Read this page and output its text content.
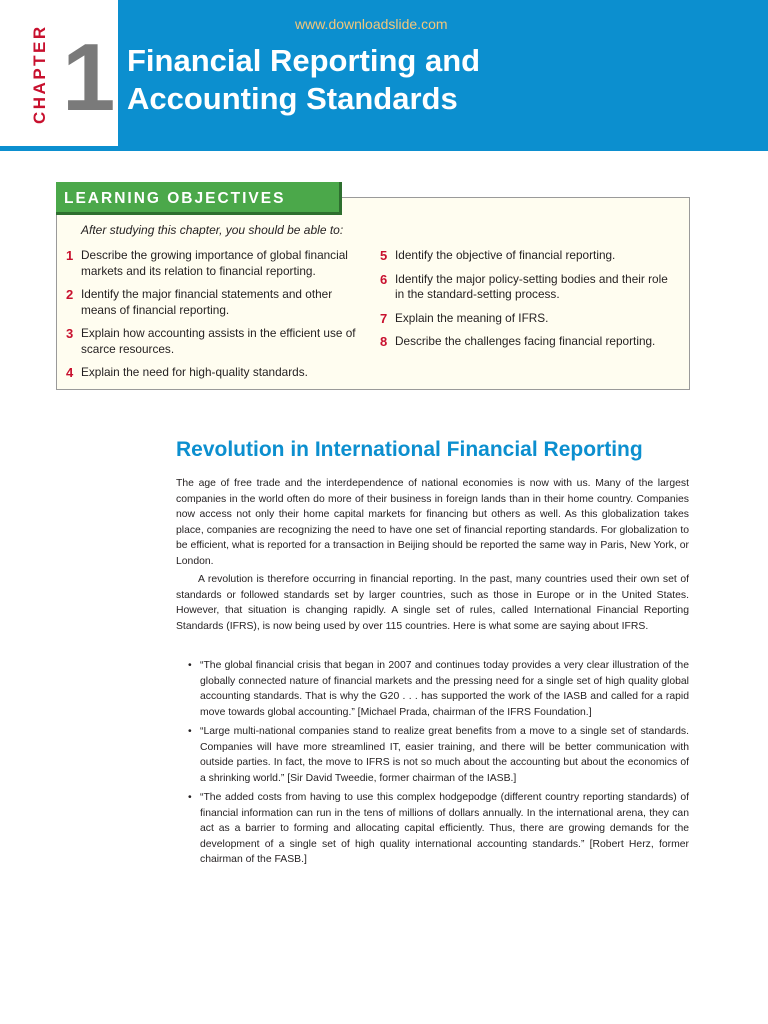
CHAPTER 1	www.downloadslide.com
Financial Reporting and
Accounting Standards
LEARNING OBJECTIVES
After studying this chapter, you should be able to:
1 Describe the growing importance of global financial markets and its relation to financial reporting.
2 Identify the major financial statements and other means of financial reporting.
3 Explain how accounting assists in the efficient use of scarce resources.
4 Explain the need for high-quality standards.
5 Identify the objective of financial reporting.
6 Identify the major policy-setting bodies and their role in the standard-setting process.
7 Explain the meaning of IFRS.
8 Describe the challenges facing financial reporting.
Revolution in International Financial Reporting

The age of free trade and the interdependence of national economies is now with us. Many of the largest companies in the world often do more of their business in foreign lands than in their home country. Companies now access not only their home capital markets for financing but others as well. As this globalization takes place, companies are recognizing the need to have one set of financial reporting standards. For globalization to be efficient, what is reported for a transaction in Beijing should be reported the same way in Paris, New York, or London.

A revolution is therefore occurring in financial reporting. In the past, many countries used their own set of standards or followed standards set by larger countries, such as those in Europe or in the United States. However, that situation is changing rapidly. A single set of rules, called International Financial Reporting Standards (IFRS), is now being used by over 115 countries. Here is what some are saying about IFRS.

• “The global financial crisis that began in 2007 and continues today provides a very clear illustration of the globally connected nature of financial markets and the pressing need for a single set of high quality global accounting standards. That is why the G20 . . . has supported the work of the IASB and called for a rapid move towards global accounting.” [Michael Prada, chairman of the IFRS Foundation.]
• “Large multi-national companies stand to realize great benefits from a move to a single set of standards. Companies will have more streamlined IT, easier training, and there will be better communication with outside parties. In fact, the move to IFRS is not so much about the accounting but about the economics of a shrinking world.” [Sir David Tweedie, former chairman of the IASB.]
• “The added costs from having to use this complex hodgepodge (different country reporting standards) of financial information can run in the tens of millions of dollars annually. In the international arena, they can act as a barrier to forming and allocating capital efficiently. Thus, there are growing demands for the development of a single set of high quality international accounting standards.” [Robert Herz, former chairman of the FASB.]
